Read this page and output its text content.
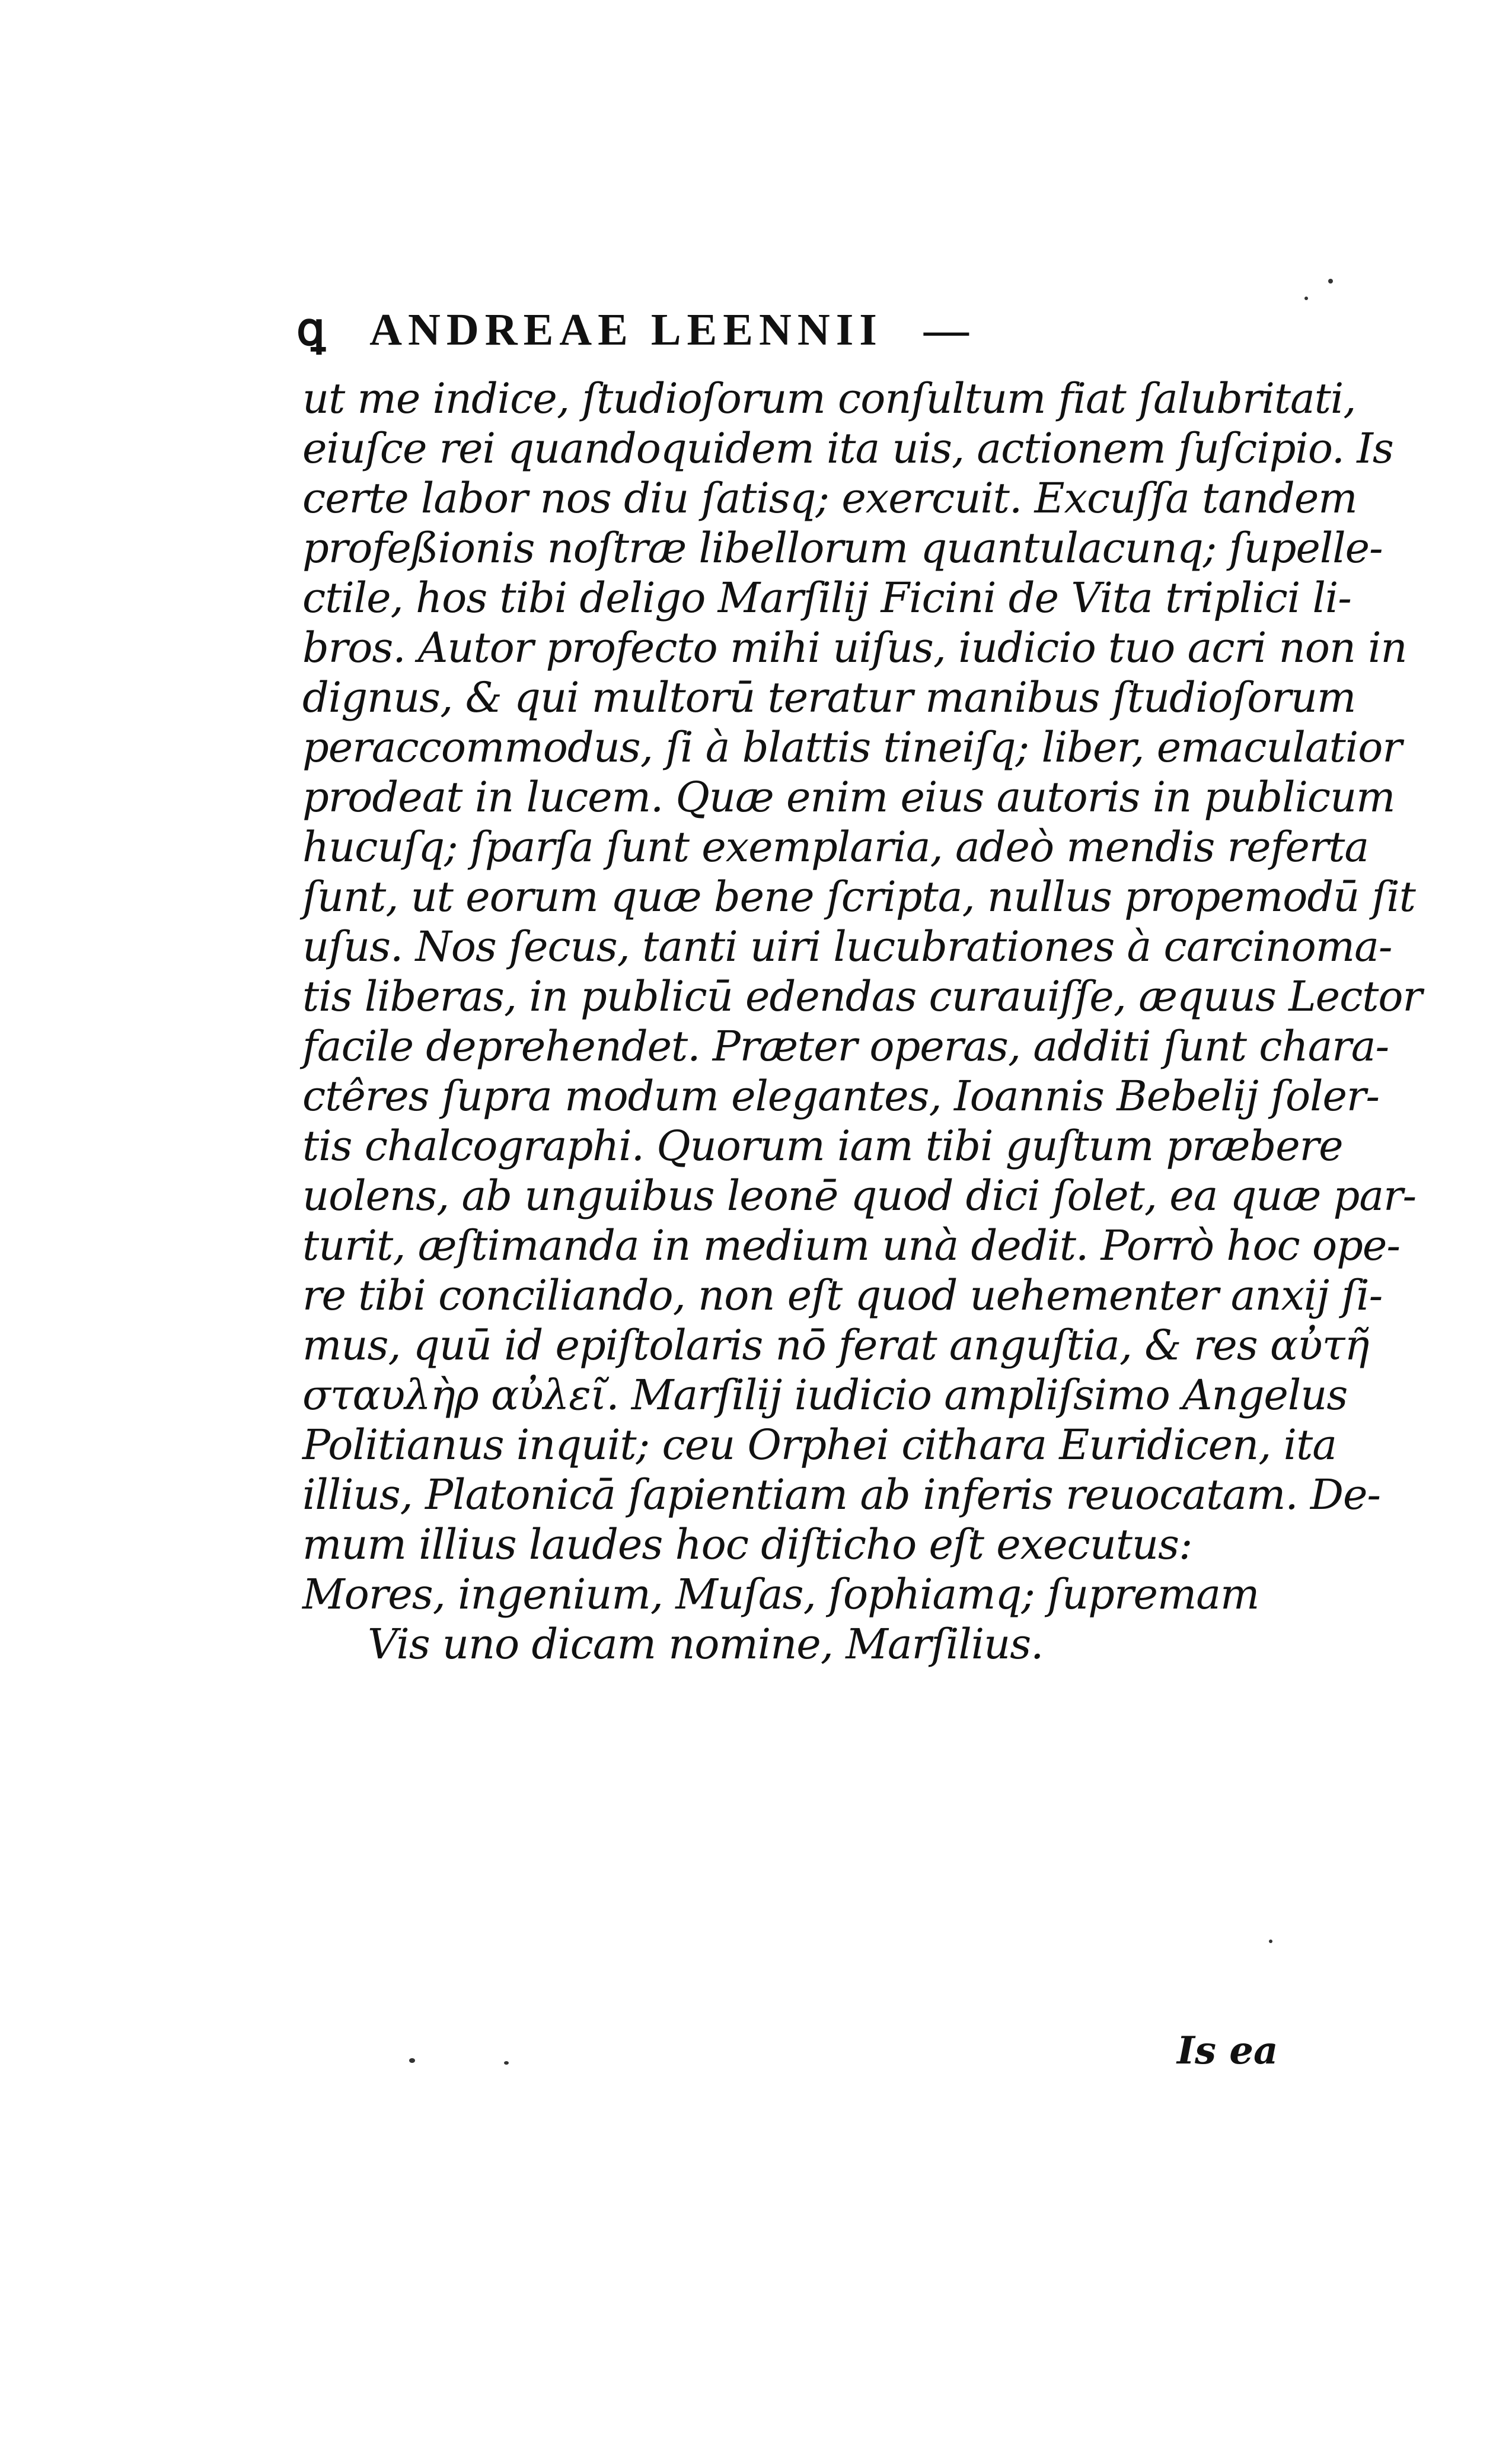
ꝗ ANDREAE LEENNII —
ut me indice, ſtudioſorum conſultum fiat ſalubritati,
eiuſce rei quandoquidem ita uis, actionem ſuſcipio. Is
certe labor nos diu ſatisq; exercuit. Excuſſa tandem
profeßionis noſtræ libellorum quantulacunq; ſupelle-
ctile, hos tibi deligo Marſilij Ficini de Vita triplici li-
bros. Autor profecto mihi uiſus, iudicio tuo acri non in
dignus, & qui multorū teratur manibus ſtudioſorum
peraccommodus, ſi à blattis tineiſq; liber, emaculatior
prodeat in lucem. Quæ enim eius autoris in publicum
hucuſq; ſparſa ſunt exemplaria, adeò mendis referta
ſunt, ut eorum quæ bene ſcripta, nullus propemodū ſit
uſus. Nos ſecus, tanti uiri lucubrationes à carcinoma-
tis liberas, in publicū edendas curauiſſe, æquus Lector
facile deprehendet. Præter operas, additi ſunt chara-
ctêres ſupra modum elegantes, Ioannis Bebelij ſoler-
tis chalcographi. Quorum iam tibi guſtum præbere
uolens, ab unguibus leonē quod dici ſolet, ea quæ par-
turit, æſtimanda in medium unà dedit. Porrò hoc ope-
re tibi conciliando, non eſt quod uehementer anxij ſi-
mus, quū id epiſtolaris nō ferat anguſtia, & res αὐτῆ
σταυλὴρ αὐλεῖ. Marſilij iudicio ampliſsimo Angelus
Politianus inquit; ceu Orphei cithara Euridicen, ita
illius, Platonicā ſapientiam ab inferis reuocatam. De-
mum illius laudes hoc diſticho eſt executus:
Mores, ingenium, Muſas, ſophiamq; ſupremam
Vis uno dicam nomine, Marſilius.
Is ea
